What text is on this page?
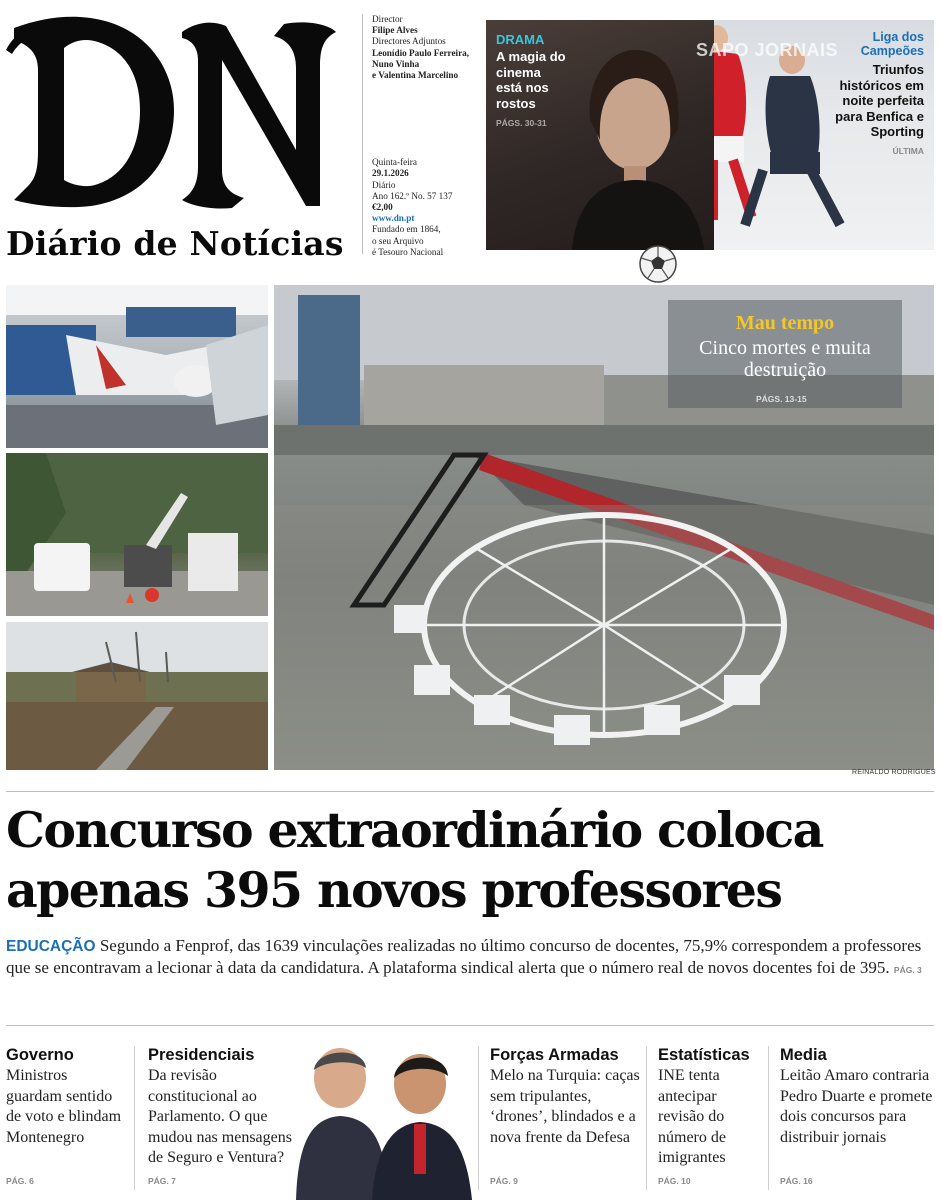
Diário de Notícias
Director
Filipe Alves
Directores Adjuntos
Leonídio Paulo Ferreira,
Nuno Vinha
e Valentina Marcelino
Quinta-feira
29.1.2026
Diário
Ano 162.º No. 57 137
€2,00
www.dn.pt
Fundado em 1864,
o seu Arquivo
é Tesouro Nacional
DRAMA
A magia do cinema está nos rostos
PÁGS. 30-31
Liga dos Campeões
Triunfos históricos em noite perfeita para Benfica e Sporting
ÚLTIMA
SAPO JORNAIS
Mau tempo
Cinco mortes e muita destruição
PÁGS. 13-15
REINALDO RODRIGUES
Concurso extraordinário coloca apenas 395 novos professores
EDUCAÇÃO Segundo a Fenprof, das 1639 vinculações realizadas no último concurso de docentes, 75,9% correspondem a professores que se encontravam a lecionar à data da candidatura. A plataforma sindical alerta que o número real de novos docentes foi de 395. PÁG. 3
Governo
Ministros guardam sentido de voto e blindam Montenegro
PÁG. 6
Presidenciais
Da revisão constitucional ao Parlamento. O que mudou nas mensagens de Seguro e Ventura?
PÁG. 7
Forças Armadas
Melo na Turquia: caças sem tripulantes, ‘drones’, blindados e a nova frente da Defesa
PÁG. 9
Estatísticas
INE tenta antecipar revisão do número de imigrantes
PÁG. 10
Media
Leitão Amaro contraria Pedro Duarte e promete dois concursos para distribuir jornais
PÁG. 16
